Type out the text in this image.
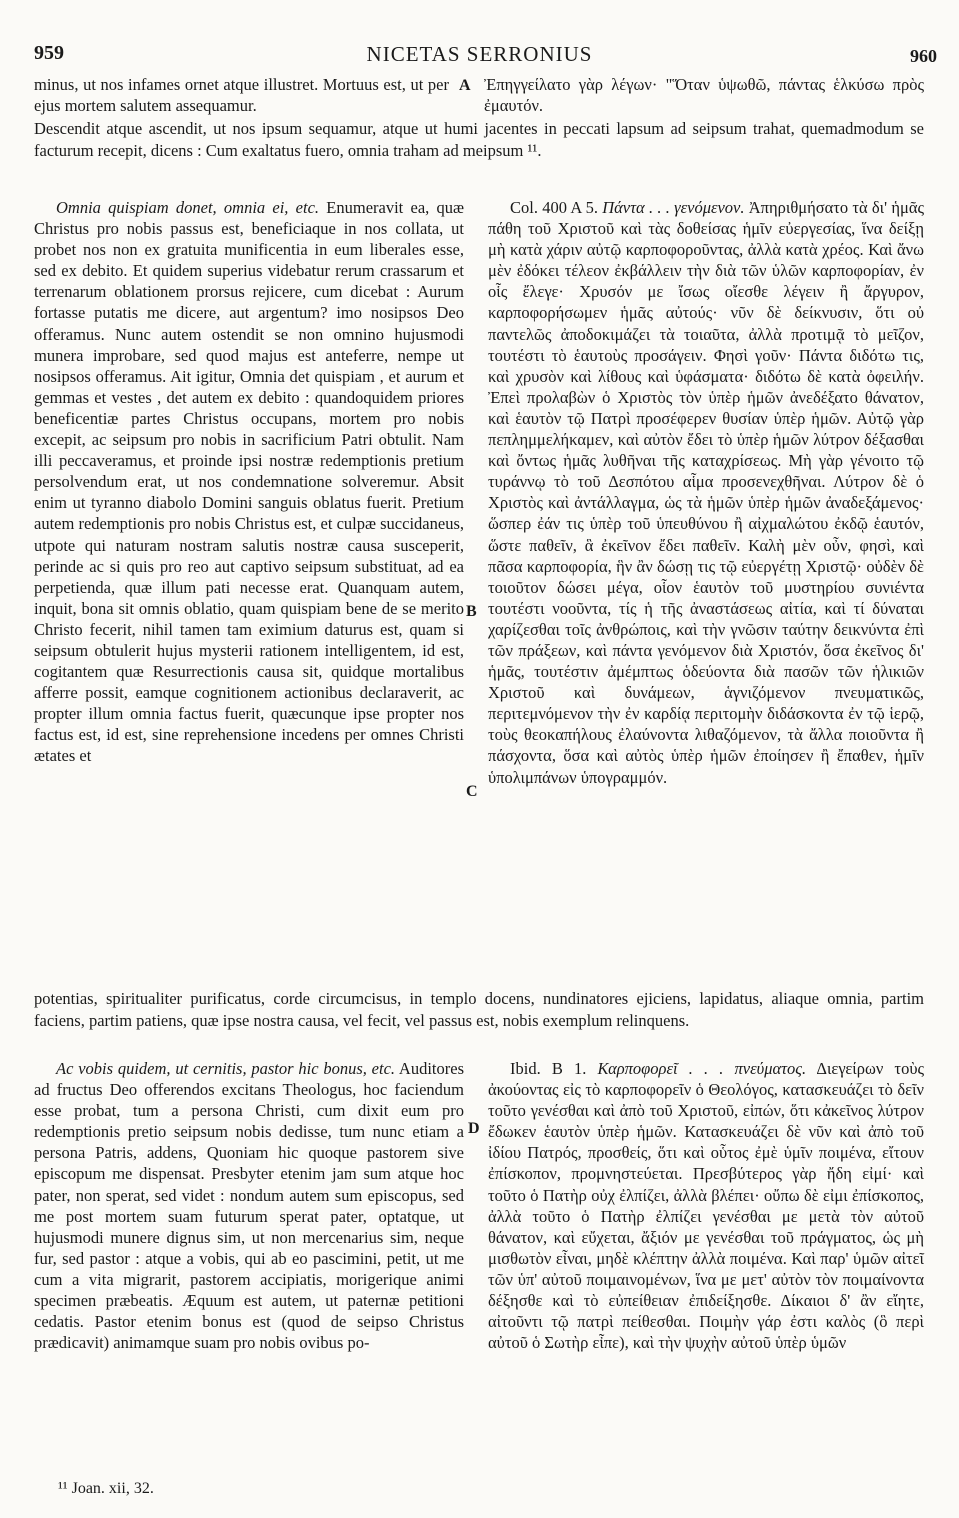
959	NICETAS SERRONIUS	960

minus, ut nos infames ornet atque illustret. Mortuus est, ut per ejus mortem salutem assequamur.

A Ἐπηγγείλατο γὰρ λέγων· "Ὅταν ὑψωθῶ, πάντας ἑλκύσω πρὸς ἐμαυτόν.

Descendit atque ascendit, ut nos ipsum sequamur, atque ut humi jacentes in peccati lapsum ad seipsum trahat, quemadmodum se facturum recepit, dicens : Cum exaltatus fuero, omnia traham ad meipsum ¹¹.

Omnia quispiam donet, omnia ei, etc. Enumeravit ea, quæ Christus pro nobis passus est, beneficiaque in nos collata, ut probet nos non ex gratuita munificentia in eum liberales esse, sed ex debito. Et quidem superius videbatur rerum crassarum et terrenarum oblationem prorsus rejicere, cum dicebat : Aurum fortasse putatis me dicere, aut argentum? imo nosipsos Deo offeramus. Nunc autem ostendit se non omnino hujusmodi munera improbare, sed quod majus est anteferre, nempe ut nosipsos offeramus. Ait igitur, Omnia det quispiam , et aurum et gemmas et vestes , det autem ex debito : quandoquidem priores beneficentiæ partes Christus occupans, mortem pro nobis excepit, ac seipsum pro nobis in sacrificium Patri obtulit. Nam illi peccaveramus, et proinde ipsi nostræ redemptionis pretium persolvendum erat, ut nos condemnatione solveremur. Absit enim ut tyranno diabolo Domini sanguis oblatus fuerit. Pretium autem redemptionis pro nobis Christus est, et culpæ succidaneus, utpote qui naturam nostram salutis nostræ causa susceperit, perinde ac si quis pro reo aut captivo seipsum substituat, ad ea perpetienda, quæ illum pati necesse erat. Quanquam autem, inquit, bona sit omnis oblatio, quam quispiam bene de se merito Christo fecerit, nihil tamen tam eximium daturus est, quam si seipsum obtulerit hujus mysterii rationem intelligentem, id est, cogitantem quæ Resurrectionis causa sit, quidque mortalibus afferre possit, eamque cognitionem actionibus declaraverit, ac propter illum omnia factus fuerit, quæcunque ipse propter nos factus est, id est, sine reprehensione incedens per omnes Christi ætates et

B
C

Col. 400 A 5. Πάντα . . . γενόμενον. Ἀπηριθμήσατο τὰ δι' ἡμᾶς πάθη τοῦ Χριστοῦ καὶ τὰς δοθείσας ἡμῖν εὐεργεσίας, ἵνα δείξῃ μὴ κατὰ χάριν αὐτῷ καρποφοροῦντας, ἀλλὰ κατὰ χρέος. Καὶ ἄνω μὲν ἐδόκει τέλεον ἐκβάλλειν τὴν διὰ τῶν ὑλῶν καρποφορίαν, ἐν οἷς ἔλεγε· Χρυσόν με ἴσως οἴεσθε λέγειν ἢ ἄργυρον, καρποφορήσωμεν ἡμᾶς αὐτούς· νῦν δὲ δείκνυσιν, ὅτι οὐ παντελῶς ἀποδοκιμάζει τὰ τοιαῦτα, ἀλλὰ προτιμᾷ τὸ μεῖζον, τουτέστι τὸ ἑαυτοὺς προσάγειν. Φησὶ γοῦν· Πάντα διδότω τις, καὶ χρυσὸν καὶ λίθους καὶ ὑφάσματα· διδότω δὲ κατὰ ὀφειλήν. Ἐπεὶ προλαβὼν ὁ Χριστὸς τὸν ὑπὲρ ἡμῶν ἀνεδέξατο θάνατον, καὶ ἑαυτὸν τῷ Πατρὶ προσέφερεν θυσίαν ὑπὲρ ἡμῶν. Αὐτῷ γὰρ πεπλημμελήκαμεν, καὶ αὐτὸν ἔδει τὸ ὑπὲρ ἡμῶν λύτρον δέξασθαι καὶ ὄντως ἡμᾶς λυθῆναι τῆς καταχρίσεως. Μὴ γὰρ γένοιτο τῷ τυράννῳ τὸ τοῦ Δεσπότου αἷμα προσενεχθῆναι. Λύτρον δὲ ὁ Χριστὸς καὶ ἀντάλλαγμα, ὡς τὰ ἡμῶν ὑπὲρ ἡμῶν ἀναδεξάμενος· ὥσπερ ἐάν τις ὑπὲρ τοῦ ὑπευθύνου ἢ αἰχμαλώτου ἐκδῷ ἑαυτόν, ὥστε παθεῖν, ἃ ἐκεῖνον ἔδει παθεῖν. Καλὴ μὲν οὖν, φησὶ, καὶ πᾶσα καρποφορία, ἣν ἂν δώσῃ τις τῷ εὐεργέτῃ Χριστῷ· οὐδὲν δὲ τοιοῦτον δώσει μέγα, οἷον ἑαυτὸν τοῦ μυστηρίου συνιέντα τουτέστι νοοῦντα, τίς ἡ τῆς ἀναστάσεως αἰτία, καὶ τί δύναται χαρίζεσθαι τοῖς ἀνθρώποις, καὶ τὴν γνῶσιν ταύτην δεικνύντα ἐπὶ τῶν πράξεων, καὶ πάντα γενόμενον διὰ Χριστόν, ὅσα ἐκεῖνος δι' ἡμᾶς, τουτέστιν ἀμέμπτως ὁδεύοντα διὰ πασῶν τῶν ἡλικιῶν Χριστοῦ καὶ δυνάμεων, ἁγνιζόμενον πνευματικῶς, περιτεμνόμενον τὴν ἐν καρδίᾳ περιτομὴν διδάσκοντα ἐν τῷ ἱερῷ, τοὺς θεοκαπήλους ἐλαύνοντα λιθαζόμενον, τὰ ἄλλα ποιοῦντα ἢ πάσχοντα, ὅσα καὶ αὐτὸς ὑπὲρ ἡμῶν ἐποίησεν ἢ ἔπαθεν, ἡμῖν ὑπολιμπάνων ὑπογραμμόν.

potentias, spiritualiter purificatus, corde circumcisus, in templo docens, nundinatores ejiciens, lapidatus, aliaque omnia, partim faciens, partim patiens, quæ ipse nostra causa, vel fecit, vel passus est, nobis exemplum relinquens.

Ac vobis quidem, ut cernitis, pastor hic bonus, etc. Auditores ad fructus Deo offerendos excitans Theologus, hoc faciendum esse probat, tum a persona Christi, cum dixit eum pro redemptionis pretio seipsum nobis dedisse, tum nunc etiam a persona Patris, addens, Quoniam hic quoque pastorem sive episcopum me dispensat. Presbyter etenim jam sum atque hoc pater, non sperat, sed videt : nondum autem sum episcopus, sed me post mortem suam futurum sperat pater, optatque, ut hujusmodi munere dignus sim, ut non mercenarius sim, neque fur, sed pastor : atque a vobis, qui ab eo pascimini, petit, ut me cum a vita migrarit, pastorem accipiatis, morigerique animi specimen præbeatis. Æquum est autem, ut paternæ petitioni cedatis. Pastor etenim bonus est (quod de seipso Christus prædicavit) animamque suam pro nobis ovibus po-

D

Ibid. B 1. Καρποφορεῖ . . . πνεύματος. Διεγείρων τοὺς ἀκούοντας εἰς τὸ καρποφορεῖν ὁ Θεολόγος, κατασκευάζει τὸ δεῖν τοῦτο γενέσθαι καὶ ἀπὸ τοῦ Χριστοῦ, εἰπών, ὅτι κἀκεῖνος λύτρον ἔδωκεν ἑαυτὸν ὑπὲρ ἡμῶν. Κατασκευάζει δὲ νῦν καὶ ἀπὸ τοῦ ἰδίου Πατρός, προσθείς, ὅτι καὶ οὗτος ἐμὲ ὑμῖν ποιμένα, εἴτουν ἐπίσκοπον, προμνηστεύεται. Πρεσβύτερος γὰρ ἤδη εἰμί· καὶ τοῦτο ὁ Πατὴρ οὐχ ἐλπίζει, ἀλλὰ βλέπει· οὔπω δὲ εἰμι ἐπίσκοπος, ἀλλὰ τοῦτο ὁ Πατὴρ ἐλπίζει γενέσθαι με μετὰ τὸν αὐτοῦ θάνατον, καὶ εὔχεται, ἄξιόν με γενέσθαι τοῦ πράγματος, ὡς μὴ μισθωτὸν εἶναι, μηδὲ κλέπτην ἀλλὰ ποιμένα. Καὶ παρ' ὑμῶν αἰτεῖ τῶν ὑπ' αὐτοῦ ποιμαινομένων, ἵνα με μετ' αὐτὸν τὸν ποιμαίνοντα δέξησθε καὶ τὸ εὐπείθειαν ἐπιδείξησθε. Δίκαιοι δ' ἂν εἴητε, αἰτοῦντι τῷ πατρὶ πείθεσθαι. Ποιμὴν γάρ ἐστι καλὸς (ὃ περὶ αὐτοῦ ὁ Σωτὴρ εἶπε), καὶ τὴν ψυχὴν αὐτοῦ ὑπὲρ ὑμῶν

¹¹ Joan. xii, 32.
